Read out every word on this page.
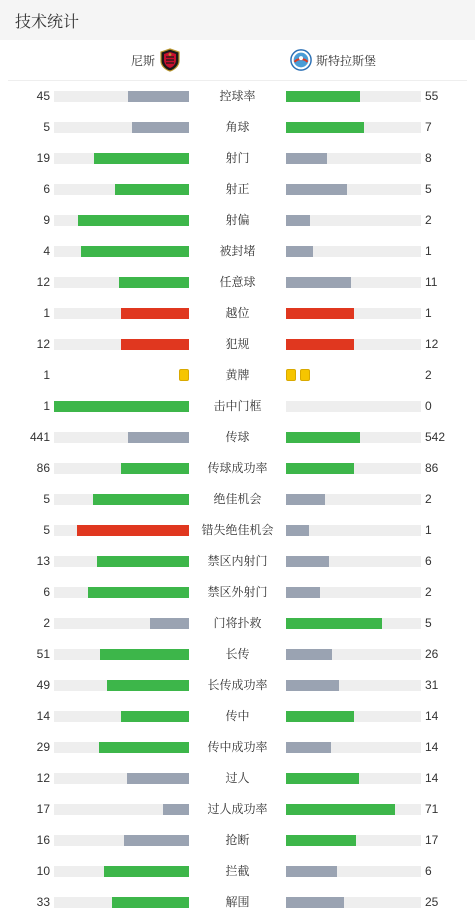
技术统计
尼斯	斯特拉斯堡
45	控球率	55
5	角球	7
19	射门	8
6	射正	5
9	射偏	2
4	被封堵	1
12	任意球	11
1	越位	1
12	犯规	12
1	黄牌	2
1	击中门框	0
441	传球	542
86	传球成功率	86
5	绝佳机会	2
5	错失绝佳机会	1
13	禁区内射门	6
6	禁区外射门	2
2	门将扑救	5
51	长传	26
49	长传成功率	31
14	传中	14
29	传中成功率	14
12	过人	14
17	过人成功率	71
16	抢断	17
10	拦截	6
33	解围	25
